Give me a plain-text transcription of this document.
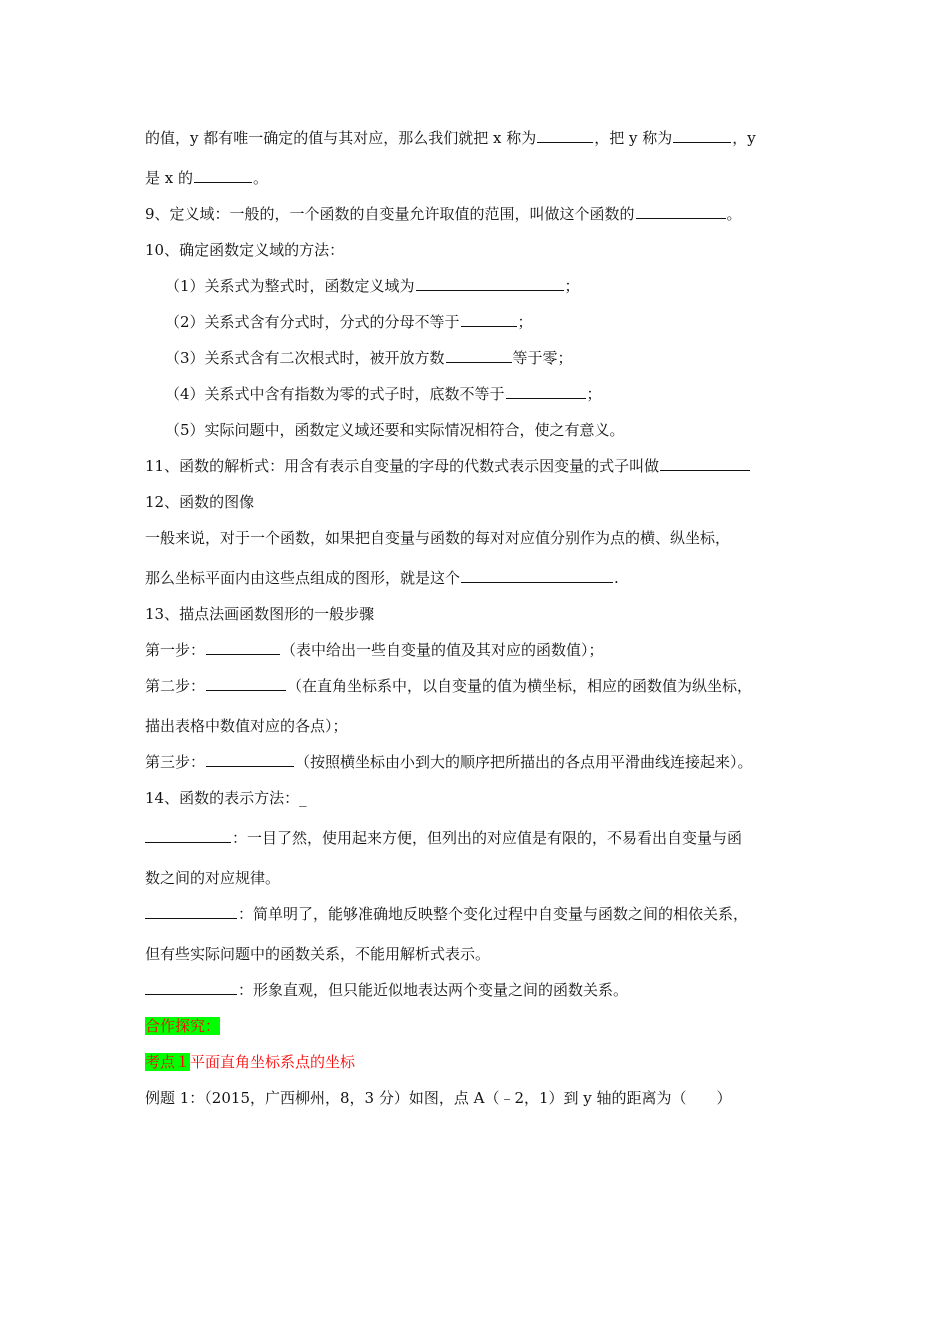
的值，y 都有唯一确定的值与其对应，那么我们就把 x 称为	，把 y 称为	，y
是 x 的	。
9、定义域：一般的，一个函数的自变量允许取值的范围，叫做这个函数的	。
10、确定函数定义域的方法：
（1）关系式为整式时，函数定义域为	；
（2）关系式含有分式时，分式的分母不等于	；
（3）关系式含有二次根式时，被开放方数	等于零；
（4）关系式中含有指数为零的式子时，底数不等于	；
（5）实际问题中，函数定义域还要和实际情况相符合，使之有意义。
11、函数的解析式：用含有表示自变量的字母的代数式表示因变量的式子叫做
12、函数的图像
一般来说，对于一个函数，如果把自变量与函数的每对对应值分别作为点的横、纵坐标，
那么坐标平面内由这些点组成的图形，就是这个	.
13、描点法画函数图形的一般步骤
第一步：	（表中给出一些自变量的值及其对应的函数值）；
第二步：	（在直角坐标系中，以自变量的值为横坐标，相应的函数值为纵坐标，
描出表格中数值对应的各点）；
第三步：	（按照横坐标由小到大的顺序把所描出的各点用平滑曲线连接起来）。
14、函数的表示方法：_
：一目了然，使用起来方便，但列出的对应值是有限的，不易看出自变量与函
数之间的对应规律。
：简单明了，能够准确地反映整个变化过程中自变量与函数之间的相依关系，
但有些实际问题中的函数关系，不能用解析式表示。
：形象直观，但只能近似地表达两个变量之间的函数关系。
合作探究：
考点１平面直角坐标系点的坐标
例题 1：（2015，广西柳州，8，3 分）如图，点 A（﹣2，1）到 y 轴的距离为（　　）
